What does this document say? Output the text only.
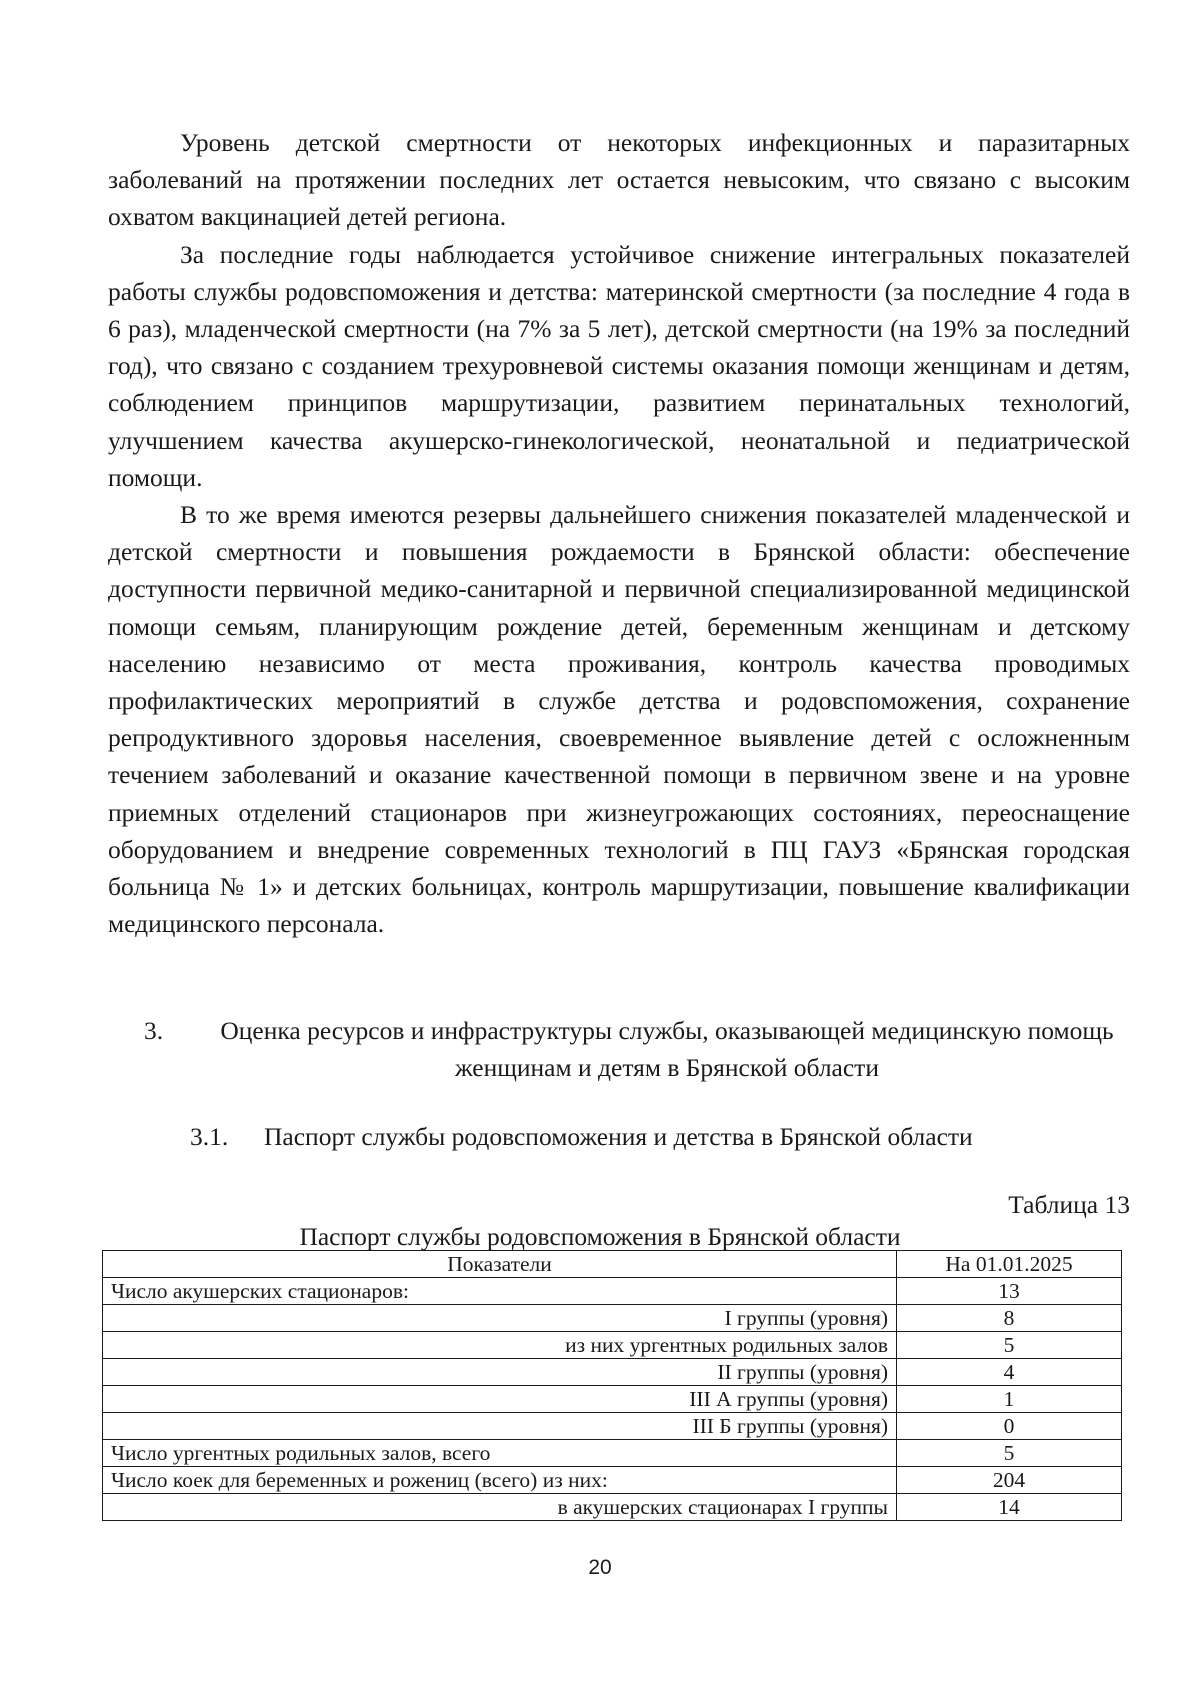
Уровень детской смертности от некоторых инфекционных и паразитарных заболеваний на протяжении последних лет остается невысоким, что связано с высоким охватом вакцинацией детей региона.

За последние годы наблюдается устойчивое снижение интегральных показателей работы службы родовспоможения и детства: материнской смертности (за последние 4 года в 6 раз), младенческой смертности (на 7% за 5 лет), детской смертности (на 19% за последний год), что связано с созданием трехуровневой системы оказания помощи женщинам и детям, соблюдением принципов маршрутизации, развитием перинатальных технологий, улучшением качества акушерско-гинекологической, неонатальной и педиатрической помощи.

В то же время имеются резервы дальнейшего снижения показателей младенческой и детской смертности и повышения рождаемости в Брянской области: обеспечение доступности первичной медико-санитарной и первичной специализированной медицинской помощи семьям, планирующим рождение детей, беременным женщинам и детскому населению независимо от места проживания, контроль качества проводимых профилактических мероприятий в службе детства и родовспоможения, сохранение репродуктивного здоровья населения, своевременное выявление детей с осложненным течением заболеваний и оказание качественной помощи в первичном звене и на уровне приемных отделений стационаров при жизнеугрожающих состояниях, переоснащение оборудованием и внедрение современных технологий в ПЦ ГАУЗ «Брянская городская больница № 1» и детских больницах, контроль маршрутизации, повышение квалификации медицинского персонала.

3.	Оценка ресурсов и инфраструктуры службы, оказывающей медицинскую помощь женщинам и детям в Брянской области
3.1. Паспорт службы родовспоможения и детства в Брянской области
Таблица 13
Паспорт службы родовспоможения в Брянской области
Показатели	На 01.01.2025
Число акушерских стационаров:	13
I группы (уровня)	8
из них ургентных родильных залов	5
II группы (уровня)	4
III А группы (уровня)	1
III Б группы (уровня)	0
Число ургентных родильных залов, всего	5
Число коек для беременных и рожениц (всего) из них:	204
в акушерских стационарах I группы	14
20
